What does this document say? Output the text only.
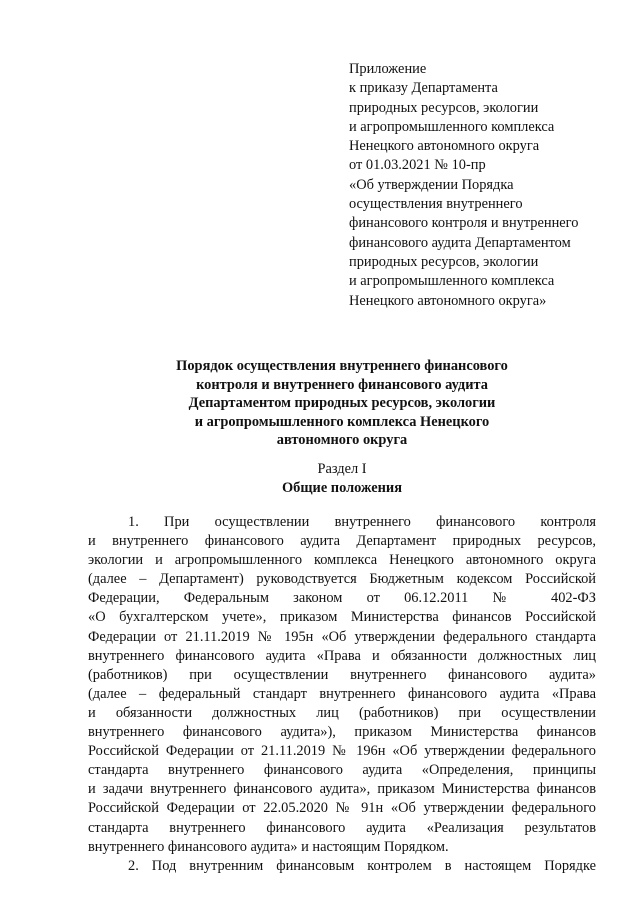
Приложение
к приказу Департамента
природных ресурсов, экологии
и агропромышленного комплекса
Ненецкого автономного округа
от 01.03.2021 № 10-пр
«Об утверждении Порядка
осуществления внутреннего
финансового контроля и внутреннего
финансового аудита Департаментом
природных ресурсов, экологии
и агропромышленного комплекса
Ненецкого автономного округа»
Порядок осуществления внутреннего финансового
контроля и внутреннего финансового аудита
Департаментом природных ресурсов, экологии
и агропромышленного комплекса Ненецкого
автономного округа
Раздел I
Общие положения
1. При осуществлении внутреннего финансового контроля
и внутреннего финансового аудита Департамент природных ресурсов,
экологии и агропромышленного комплекса Ненецкого автономного округа
(далее – Департамент) руководствуется Бюджетным кодексом Российской
Федерации, Федеральным законом от 06.12.2011 № 402-ФЗ
«О бухгалтерском учете», приказом Министерства финансов Российской
Федерации от 21.11.2019 № 195н «Об утверждении федерального стандарта
внутреннего финансового аудита «Права и обязанности должностных лиц
(работников) при осуществлении внутреннего финансового аудита»
(далее – федеральный стандарт внутреннего финансового аудита «Права
и обязанности должностных лиц (работников) при осуществлении
внутреннего финансового аудита»), приказом Министерства финансов
Российской Федерации от 21.11.2019 № 196н «Об утверждении федерального
стандарта внутреннего финансового аудита «Определения, принципы
и задачи внутреннего финансового аудита», приказом Министерства финансов
Российской Федерации от 22.05.2020 № 91н «Об утверждении федерального
стандарта внутреннего финансового аудита «Реализация результатов
внутреннего финансового аудита» и настоящим Порядком.
2. Под внутренним финансовым контролем в настоящем Порядке
